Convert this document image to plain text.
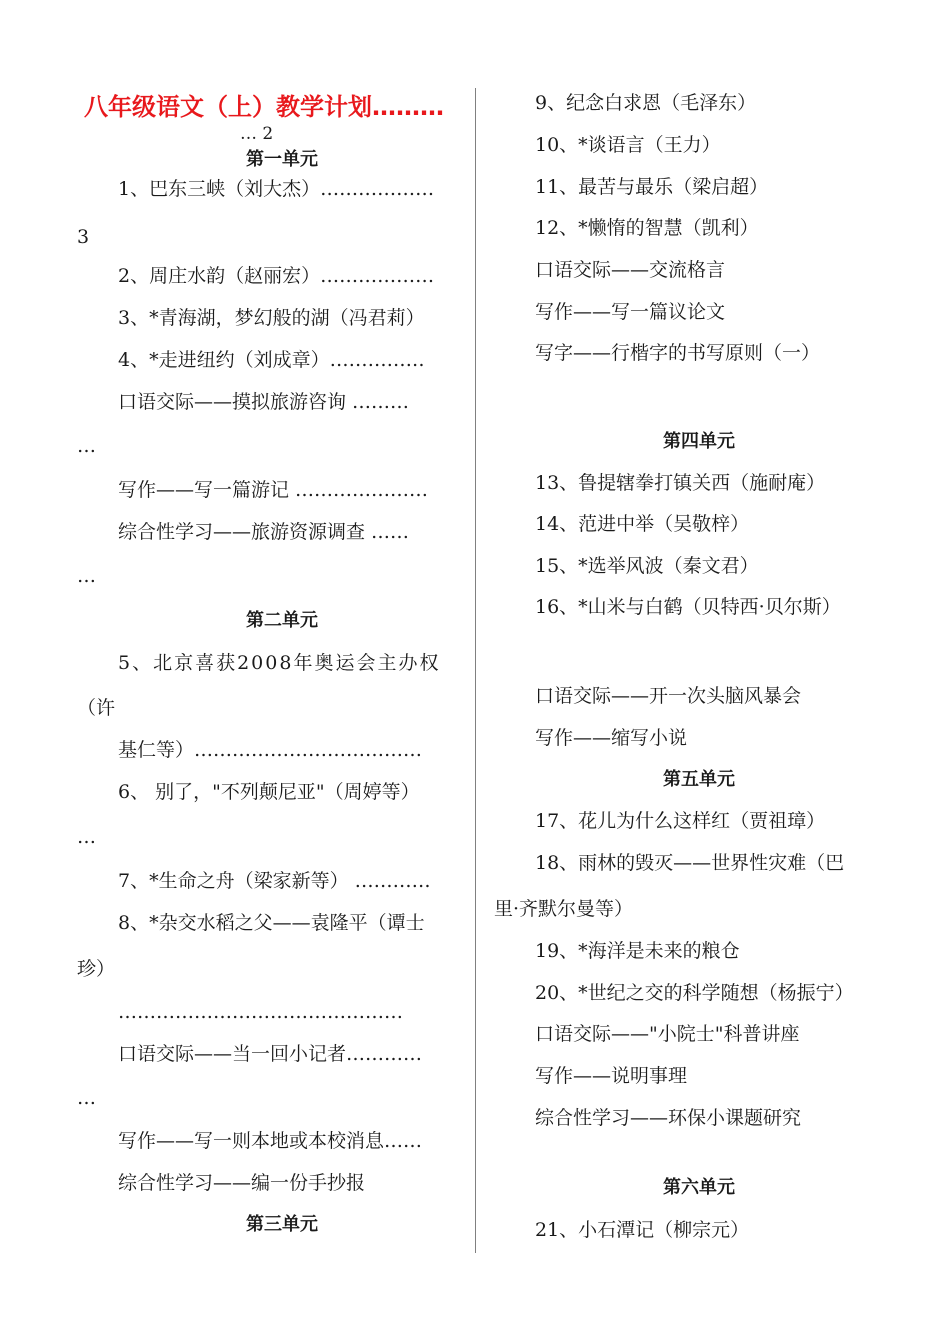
八年级语文（上）教学计划………
… 2
第一单元
1、巴东三峡（刘大杰）………………
3
2、周庄水韵（赵丽宏）………………
3、*青海湖，梦幻般的湖（冯君莉）
4、*走进纽约（刘成章）……………
口语交际——摸拟旅游咨询 ………
…
写作——写一篇游记 …………………
综合性学习——旅游资源调查 ……
…
第二单元
5、北京喜获2008年奥运会主办权
（许
基仁等）………………………………
6、 别了，"不列颠尼亚"（周婷等）
…
7、*生命之舟（梁家新等） …………
8、*杂交水稻之父——袁隆平（谭士
珍）
………………………………………
口语交际——当一回小记者…………
…
写作——写一则本地或本校消息……
综合性学习——编一份手抄报
第三单元
9、纪念白求恩（毛泽东）
10、*谈语言（王力）
11、最苦与最乐（梁启超）
12、*懒惰的智慧（凯利）
口语交际——交流格言
写作——写一篇议论文
写字——行楷字的书写原则（一）
第四单元
13、鲁提辖拳打镇关西（施耐庵）
14、范进中举（吴敬梓）
15、*选举风波（秦文君）
16、*山米与白鹤（贝特西·贝尔斯）
口语交际——开一次头脑风暴会
写作——缩写小说
第五单元
17、花儿为什么这样红（贾祖璋）
18、雨林的毁灭——世界性灾难（巴
里·齐默尔曼等）
19、*海洋是未来的粮仓
20、*世纪之交的科学随想（杨振宁）
口语交际——"小院士"科普讲座
写作——说明事理
综合性学习——环保小课题研究
第六单元
21、小石潭记（柳宗元）
